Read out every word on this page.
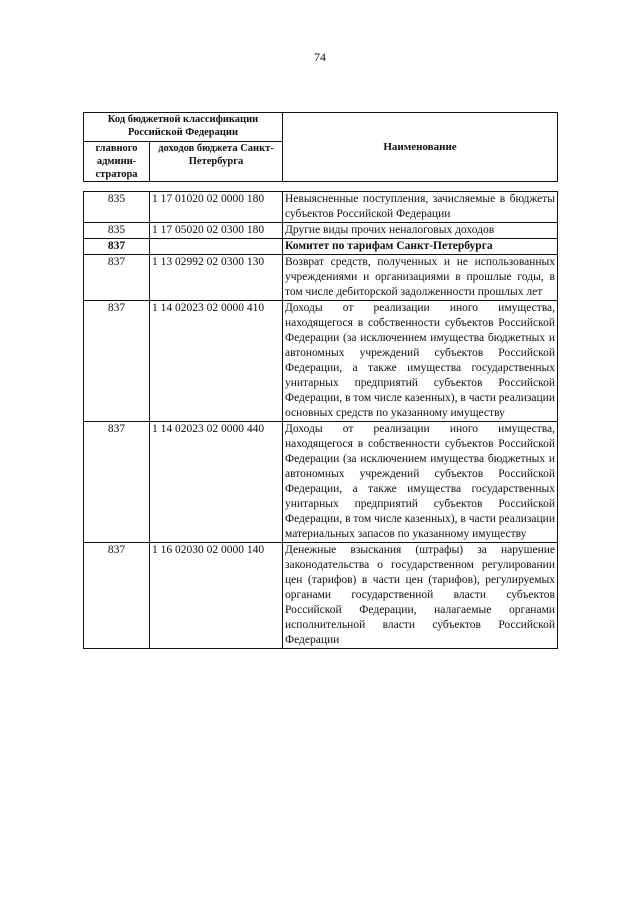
74
Код бюджетной классификации Российской Федерации		Наименование
главного админи-стратора	доходов бюджета Санкт-Петербурга	
835	1 17 01020 02 0000 180	Невыясненные поступления, зачисляемые в бюджеты субъектов Российской Федерации
835	1 17 05020 02 0300 180	Другие виды прочих неналоговых доходов
837		Комитет по тарифам Санкт-Петербурга
837	1 13 02992 02 0300 130	Возврат средств, полученных и не использованных учреждениями и организациями в прошлые годы, в том числе дебиторской задолженности прошлых лет
837	1 14 02023 02 0000 410	Доходы от реализации иного имущества, находящегося в собственности субъектов Российской Федерации (за исключением имущества бюджетных и автономных учреждений субъектов Российской Федерации, а также имущества государственных унитарных предприятий субъектов Российской Федерации, в том числе казенных), в части реализации основных средств по указанному имуществу
837	1 14 02023 02 0000 440	Доходы от реализации иного имущества, находящегося в собственности субъектов Российской Федерации (за исключением имущества бюджетных и автономных учреждений субъектов Российской Федерации, а также имущества государственных унитарных предприятий субъектов Российской Федерации, в том числе казенных), в части реализации материальных запасов по указанному имуществу
837	1 16 02030 02 0000 140	Денежные взыскания (штрафы) за нарушение законодательства о государственном регулировании цен (тарифов) в части цен (тарифов), регулируемых органами государственной власти субъектов Российской Федерации, налагаемые органами исполнительной власти субъектов Российской Федерации
